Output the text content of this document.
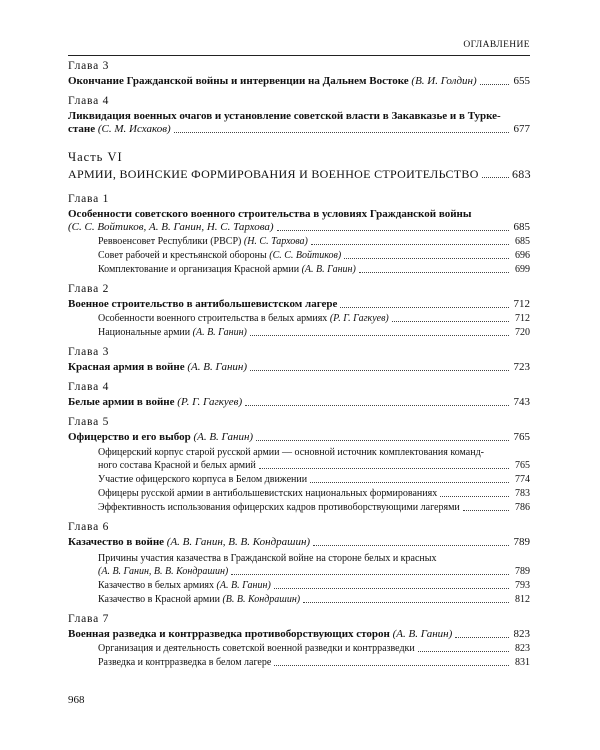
ОГЛАВЛЕНИЕ
Глава 3
Окончание Гражданской войны и интервенции на Дальнем Востоке (В. И. Голдин)	655
Глава 4
Ликвидация военных очагов и установление советской власти в Закавказье и в Турке-
стане (С. М. Исхаков)	677
Часть VI
АРМИИ, ВОИНСКИЕ ФОРМИРОВАНИЯ И ВОЕННОЕ СТРОИТЕЛЬСТВО	683
Глава 1
Особенности советского военного строительства в условиях Гражданской войны
(С. С. Войтиков, А. В. Ганин, Н. С. Тархова)	685
Реввоенсовет Республики (РВСР) (Н. С. Тархова)	685
Совет рабочей и крестьянской обороны (С. С. Войтиков)	696
Комплектование и организация Красной армии (А. В. Ганин)	699
Глава 2
Военное строительство в антибольшевистском лагере	712
Особенности военного строительства в белых армиях (Р. Г. Гагкуев)	712
Национальные армии (А. В. Ганин)	720
Глава 3
Красная армия в войне (А. В. Ганин)	723
Глава 4
Белые армии в войне (Р. Г. Гагкуев)	743
Глава 5
Офицерство и его выбор (А. В. Ганин)	765
Офицерский корпус старой русской армии — основной источник комплектования команд-
ного состава Красной и белых армий	765
Участие офицерского корпуса в Белом движении	774
Офицеры русской армии в антибольшевистских национальных формированиях	783
Эффективность использования офицерских кадров противоборствующими лагерями	786
Глава 6
Казачество в войне (А. В. Ганин, В. В. Кондрашин)	789
Причины участия казачества в Гражданской войне на стороне белых и красных
(А. В. Ганин, В. В. Кондрашин)	789
Казачество в белых армиях (А. В. Ганин)	793
Казачество в Красной армии (В. В. Кондрашин)	812
Глава 7
Военная разведка и контрразведка противоборствующих сторон (А. В. Ганин)	823
Организация и деятельность советской военной разведки и контрразведки	823
Разведка и контрразведка в белом лагере	831
968
